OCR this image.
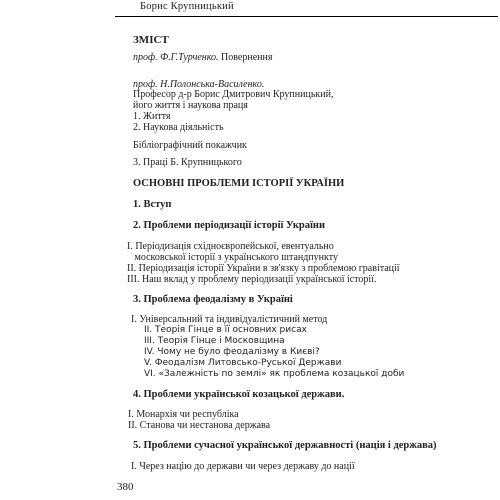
Борис Крупницький
ЗМІСТ
проф. Ф.Г.Турченко. Повернення
проф. Н.Полонська-Василенко.
Професор д-р Борис Дмитрович Крупницький,
його життя і наукова праця
1. Життя
2. Наукова діяльність
Бібліографічний покажчик
3. Праці Б. Крупницького
ОСНОВНІ ПРОБЛЕМИ ІСТОРІЇ УКРАЇНИ
1. Вступ
2. Проблеми періодизації історії України
І. Періодизація східноєвропейської, евентуально
московської історії з українського штандпункту
ІІ. Періодизація історії України в зв'язку з проблемою гравітації
ІІІ. Наш вклад у проблему періодизації української історії.
3. Проблема феодалізму в Україні
I. Універсальний та індивідуалістичний метод
II. Теорія Гінце в її основних рисах
III. Теорія Гінце і Московщина
IV. Чому не було феодалізму в Києві?
V. Феодалізм Литовсько-Руської Держави
VI. «Залежність по землі» як проблема козацької доби
4. Проблеми української козацької держави.
І. Монархія чи республіка
II. Станова чи нестанова держава
5. Проблеми сучасної української державності (нація і держава)
І. Через націю до держави чи через державу до нації
380
